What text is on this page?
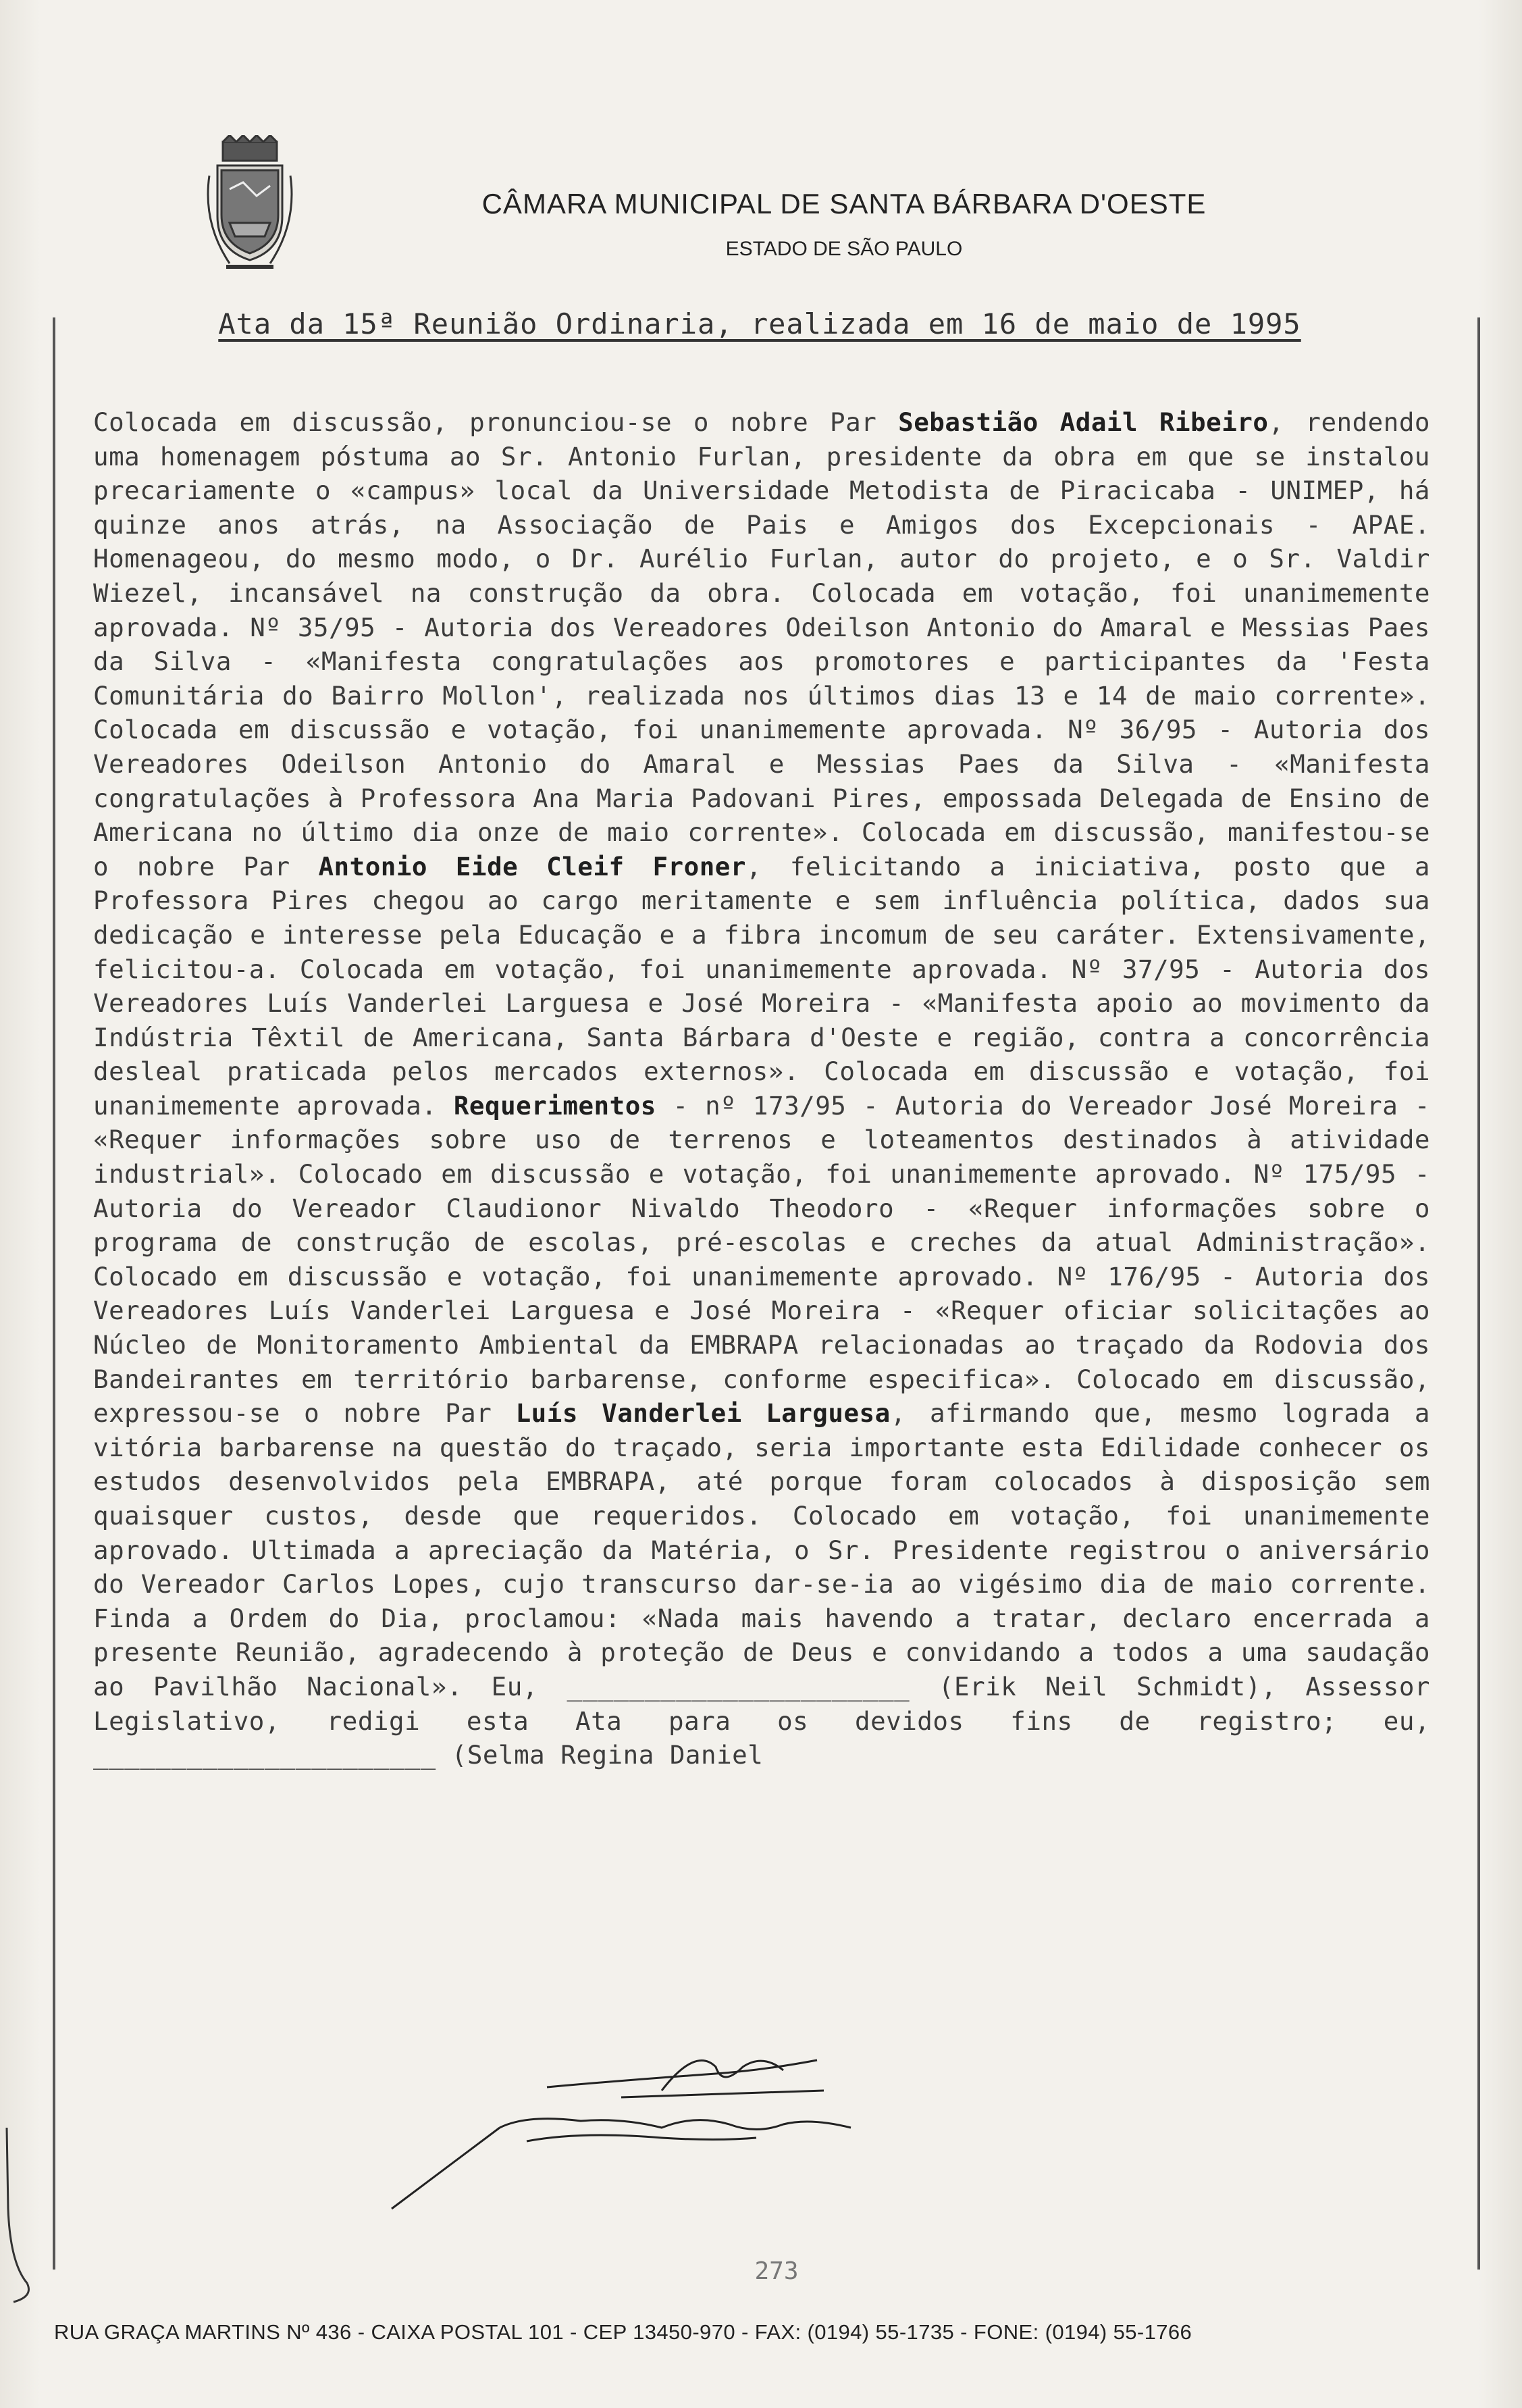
CÂMARA MUNICIPAL DE SANTA BÁRBARA D'OESTE
ESTADO DE SÃO PAULO
Ata da 15ª Reunião Ordinaria, realizada em 16 de maio de 1995
Colocada em discussão, pronunciou-se o nobre Par Sebastião Adail Ribeiro, rendendo uma homenagem póstuma ao Sr. Antonio Furlan, presidente da obra em que se instalou precariamente o «campus» local da Universidade Metodista de Piracicaba - UNIMEP, há quinze anos atrás, na Associação de Pais e Amigos dos Excepcionais - APAE. Homenageou, do mesmo modo, o Dr. Aurélio Furlan, autor do projeto, e o Sr. Valdir Wiezel, incansável na construção da obra. Colocada em votação, foi unanimemente aprovada. Nº 35/95 - Autoria dos Vereadores Odeilson Antonio do Amaral e Messias Paes da Silva - «Manifesta congratulações aos promotores e participantes da 'Festa Comunitária do Bairro Mollon', realizada nos últimos dias 13 e 14 de maio corrente». Colocada em discussão e votação, foi unanimemente aprovada. Nº 36/95 - Autoria dos Vereadores Odeilson Antonio do Amaral e Messias Paes da Silva - «Manifesta congratulações à Professora Ana Maria Padovani Pires, empossada Delegada de Ensino de Americana no último dia onze de maio corrente». Colocada em discussão, manifestou-se o nobre Par Antonio Eide Cleif Froner, felicitando a iniciativa, posto que a Professora Pires chegou ao cargo meritamente e sem influência política, dados sua dedicação e interesse pela Educação e a fibra incomum de seu caráter. Extensivamente, felicitou-a. Colocada em votação, foi unanimemente aprovada. Nº 37/95 - Autoria dos Vereadores Luís Vanderlei Larguesa e José Moreira - «Manifesta apoio ao movimento da Indústria Têxtil de Americana, Santa Bárbara d'Oeste e região, contra a concorrência desleal praticada pelos mercados externos». Colocada em discussão e votação, foi unanimemente aprovada. Requerimentos - nº 173/95 - Autoria do Vereador José Moreira - «Requer informações sobre uso de terrenos e loteamentos destinados à atividade industrial». Colocado em discussão e votação, foi unanimemente aprovado. Nº 175/95 - Autoria do Vereador Claudionor Nivaldo Theodoro - «Requer informações sobre o programa de construção de escolas, pré-escolas e creches da atual Administração». Colocado em discussão e votação, foi unanimemente aprovado. Nº 176/95 - Autoria dos Vereadores Luís Vanderlei Larguesa e José Moreira - «Requer oficiar solicitações ao Núcleo de Monitoramento Ambiental da EMBRAPA relacionadas ao traçado da Rodovia dos Bandeirantes em território barbarense, conforme especifica». Colocado em discussão, expressou-se o nobre Par Luís Vanderlei Larguesa, afirmando que, mesmo lograda a vitória barbarense na questão do traçado, seria importante esta Edilidade conhecer os estudos desenvolvidos pela EMBRAPA, até porque foram colocados à disposição sem quaisquer custos, desde que requeridos. Colocado em votação, foi unanimemente aprovado. Ultimada a apreciação da Matéria, o Sr. Presidente registrou o aniversário do Vereador Carlos Lopes, cujo transcurso dar-se-ia ao vigésimo dia de maio corrente. Finda a Ordem do Dia, proclamou: «Nada mais havendo a tratar, declaro encerrada a presente Reunião, agradecendo à proteção de Deus e convidando a todos a uma saudação ao Pavilhão Nacional». Eu, ______________________ (Erik Neil Schmidt), Assessor Legislativo, redigi esta Ata para os devidos fins de registro; eu, ______________________ (Selma Regina Daniel
273
RUA GRAÇA MARTINS Nº 436 - CAIXA POSTAL 101 - CEP 13450-970 - FAX: (0194) 55-1735 - FONE: (0194) 55-1766
